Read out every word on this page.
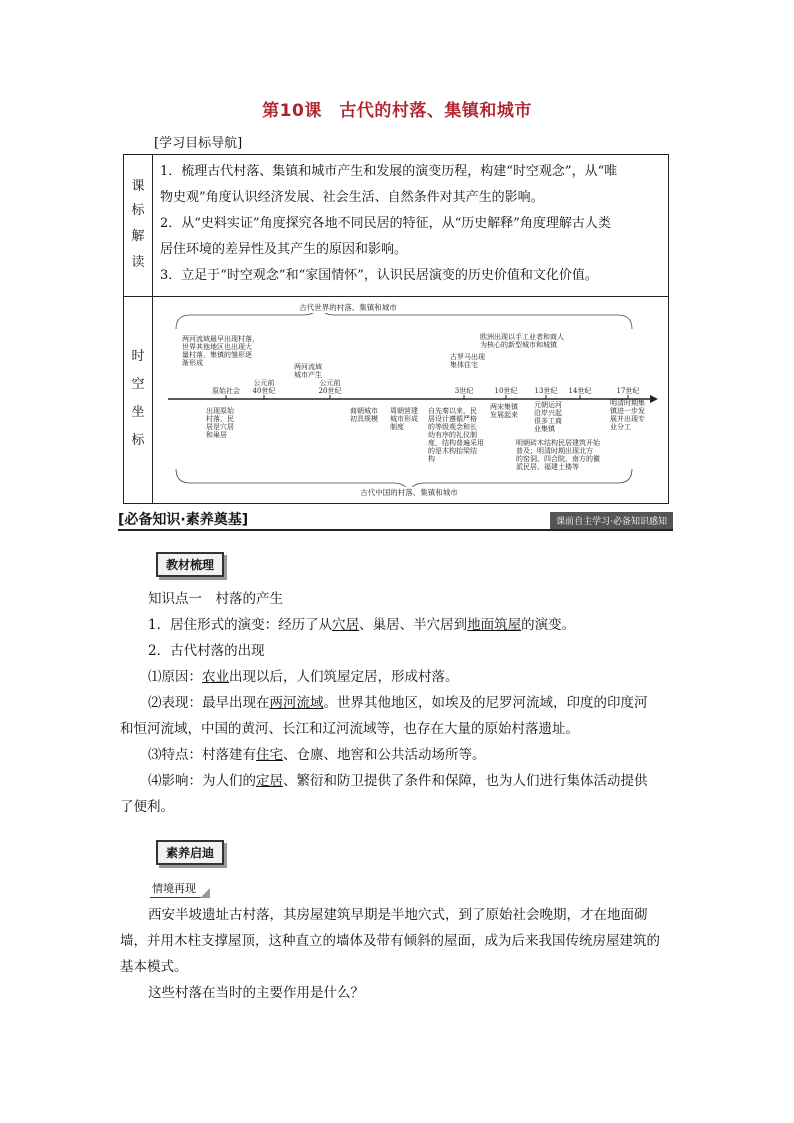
第10课　古代的村落、集镇和城市
[学习目标导航]
课
标
解
读

1．梳理古代村落、集镇和城市产生和发展的演变历程，构建“时空观念”，从“唯

物史观”角度认识经济发展、社会生活、自然条件对其产生的影响。

2．从“史料实证”角度探究各地不同民居的特征，从“历史解释”角度理解古人类

居住环境的差异性及其产生的原因和影响。

3．立足于“时空观念”和“家国情怀”，认识民居演变的历史价值和文化价值。

时
空
坐
标
古代世界的村落、集镇和城市
古代中国的村落、集镇和城市
原始社会
公元前 40世纪
公元前 20世纪	3世纪	10世纪 13世纪 14世纪	17世纪
两河流域最早出现村落， 世界其他地区也出现大 量村落，集镇的雏形逐 渐形成	两河流域 城市产生
古罗马出现 集体住宅
欧洲出现以手工业者和商人 为核心的新型城市和城镇
出现原始 村落，民 居是穴居 和巢居
商朝城市 初具规模
周朝营建 城市形成 制度
自先秦以来，民 居设计遵循严格 的等级观念和长 幼有序的礼仪制 度，结构普遍采用 的是木构抬梁结 构
两宋集镇 发展起来
元朝运河 沿岸兴起 很多工商 业集镇
明清时期集 镇进一步发 展并出现专 业分工
明朝砖木结构民居建筑开始 普及；明清时期出现北方 的窑洞、四合院，南方的徽 派民居、福建土楼等
[必备知识·素养奠基]	课前自主学习·必备知识感知
教材梳理

知识点一　村落的产生

1．居住形式的演变：经历了从穴居、巢居、半穴居到地面筑屋的演变。

2．古代村落的出现

⑴原因：农业出现以后，人们筑屋定居，形成村落。

⑵表现：最早出现在两河流域。世界其他地区，如埃及的尼罗河流域，印度的印度河

和恒河流域，中国的黄河、长江和辽河流域等，也存在大量的原始村落遗址。

⑶特点：村落建有住宅、仓廪、地窖和公共活动场所等。

⑷影响：为人们的定居、繁衍和防卫提供了条件和保障，也为人们进行集体活动提供

了便利。

素养启迪
情境再现

西安半坡遗址古村落，其房屋建筑早期是半地穴式，到了原始社会晚期，才在地面砌

墙，并用木柱支撑屋顶，这种直立的墙体及带有倾斜的屋面，成为后来我国传统房屋建筑的

基本模式。

这些村落在当时的主要作用是什么？
